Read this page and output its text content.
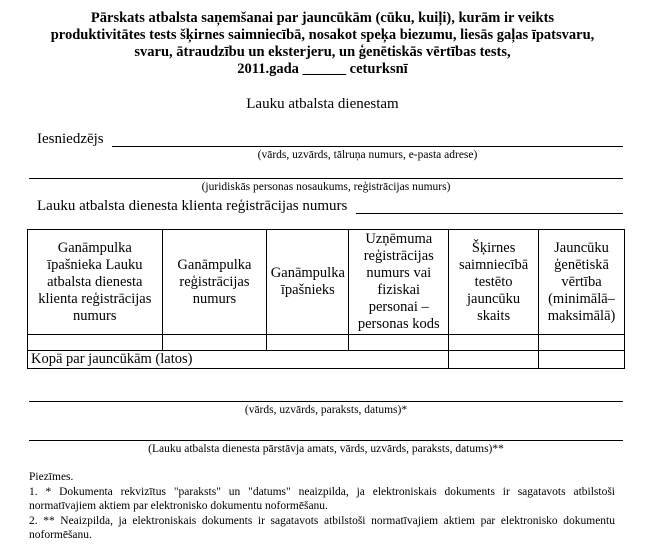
Pārskats atbalsta saņemšanai par jauncūkām (cūku, kuiļi), kurām ir veikts
produktivitātes tests šķirnes saimniecībā, nosakot speķa biezumu, liesās gaļas īpatsvaru,
svaru, ātraudzību un eksterjeru, un ģenētiskās vērtības tests,
2011.gada ______ ceturksnī
Lauku atbalsta dienestam
Iesniedzējs
(vārds, uzvārds, tālruņa numurs, e-pasta adrese)
(juridiskās personas nosaukums, reģistrācijas numurs)
Lauku atbalsta dienesta klienta reģistrācijas numurs
Ganāmpulka īpašnieka Lauku atbalsta dienesta klienta reģistrācijas numurs	Ganāmpulka reģistrācijas numurs	Ganāmpulka īpašnieks	Uzņēmuma reģistrācijas numurs vai fiziskai personai – personas kods	Šķirnes saimniecībā testēto jauncūku skaits	Jauncūku ģenētiskā vērtība (minimālā–maksimālā)

Kopā par jauncūkām (latos)					
(vārds, uzvārds, paraksts, datums)*
(Lauku atbalsta dienesta pārstāvja amats, vārds, uzvārds, paraksts, datums)**

Piezīmes.

1. * Dokumenta rekvizītus "paraksts" un "datums" neaizpilda, ja elektroniskais dokuments ir sagatavots atbilstoši normatīvajiem aktiem par elektronisko dokumentu noformēšanu.

2. ** Neaizpilda, ja elektroniskais dokuments ir sagatavots atbilstoši normatīvajiem aktiem par elektronisko dokumentu noformēšanu.
